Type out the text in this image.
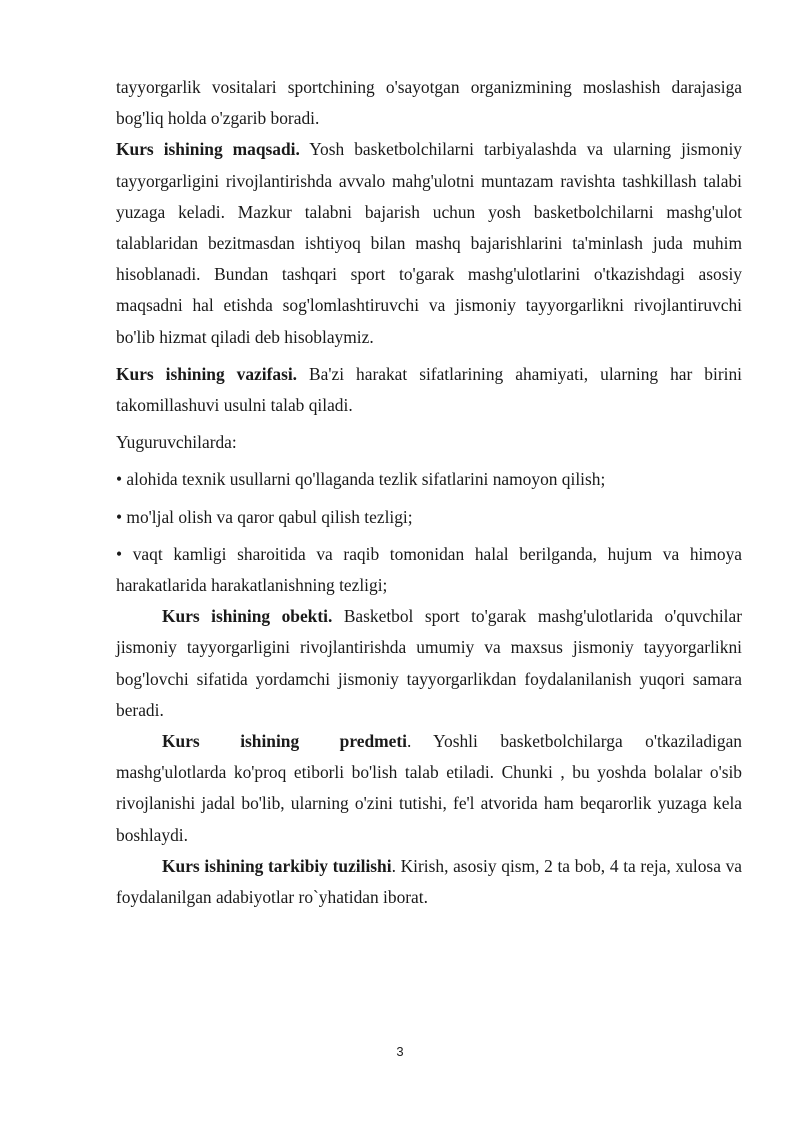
tayyorgarlik vositalari sportchining o'sayotgan organizmining moslashish darajasiga bog'liq holda o'zgarib boradi.

Kurs ishining maqsadi. Yosh basketbolchilarni tarbiyalashda va ularning jismoniy tayyorgarligini rivojlantirishda avvalo mahg'ulotni muntazam ravishta tashkillash talabi yuzaga keladi. Mazkur talabni bajarish uchun yosh basketbolchilarni mashg'ulot talablaridan bezitmasdan ishtiyoq bilan mashq bajarishlarini ta'minlash juda muhim hisoblanadi. Bundan tashqari sport to'garak mashg'ulotlarini o'tkazishdagi asosiy maqsadni hal etishda sog'lomlashtiruvchi va jismoniy tayyorgarlikni rivojlantiruvchi bo'lib hizmat qiladi deb hisoblaymiz.

Kurs ishining vazifasi. Ba'zi harakat sifatlarining ahamiyati, ularning har birini takomillashuvi usulni talab qiladi.

Yuguruvchilarda:

• alohida texnik usullarni qo'llaganda tezlik sifatlarini namoyon qilish;

• mo'ljal olish va qaror qabul qilish tezligi;

• vaqt kamligi sharoitida va raqib tomonidan halal berilganda, hujum va himoya harakatlarida harakatlanishning tezligi;

Kurs ishining obekti. Basketbol sport to'garak mashg'ulotlarida o'quvchilar jismoniy tayyorgarligini rivojlantirishda umumiy va maxsus jismoniy tayyorgarlikni bog'lovchi sifatida yordamchi jismoniy tayyorgarlikdan foydalanilanish yuqori samara beradi.

Kurs ishining predmeti. Yoshli basketbolchilarga o'tkaziladigan mashg'ulotlarda ko'proq etiborli bo'lish talab etiladi. Chunki , bu yoshda bolalar o'sib rivojlanishi jadal bo'lib, ularning o'zini tutishi, fe'l atvorida ham beqarorlik yuzaga kela boshlaydi.

Kurs ishining tarkibiy tuzilishi. Kirish, asosiy qism, 2 ta bob, 4 ta reja, xulosa va foydalanilgan adabiyotlar ro`yhatidan iborat.

3
